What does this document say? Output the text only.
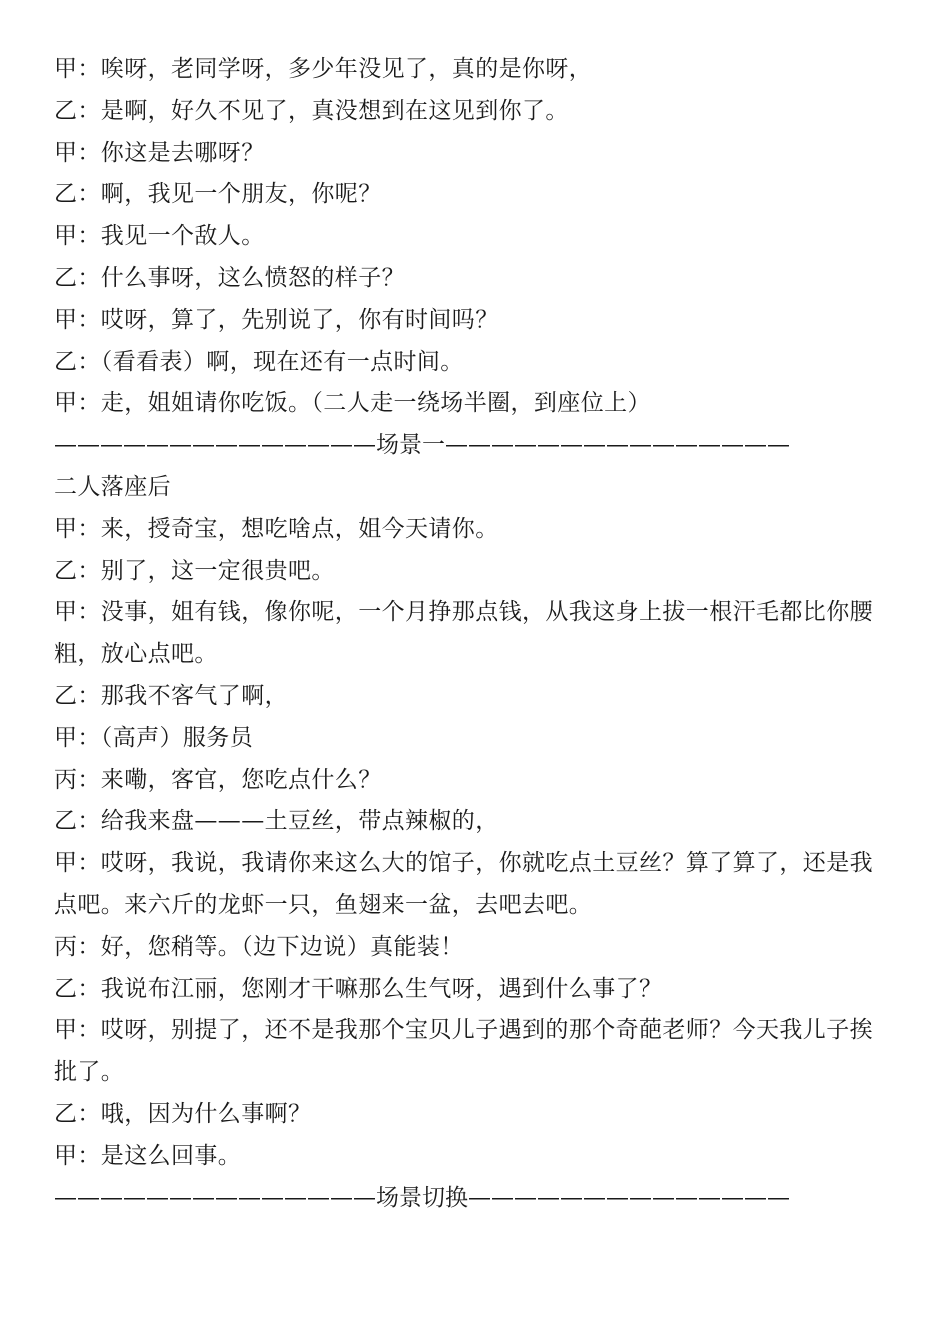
甲：唉呀，老同学呀，多少年没见了，真的是你呀，
乙：是啊，好久不见了，真没想到在这见到你了。
甲：你这是去哪呀？
乙：啊，我见一个朋友，你呢？
甲：我见一个敌人。
乙：什么事呀，这么愤怒的样子？
甲：哎呀，算了，先别说了，你有时间吗？
乙：（看看表）啊，现在还有一点时间。
甲：走，姐姐请你吃饭。（二人走一绕场半圈，到座位上）
——————————————场景一———————————————
二人落座后
甲：来，授奇宝，想吃啥点，姐今天请你。
乙：别了，这一定很贵吧。
甲：没事，姐有钱，像你呢，一个月挣那点钱，从我这身上拔一根汗毛都比你腰粗，放心点吧。
乙：那我不客气了啊，
甲：（高声）服务员
丙：来嘞，客官，您吃点什么？
乙：给我来盘———土豆丝，带点辣椒的，
甲：哎呀，我说，我请你来这么大的馆子，你就吃点土豆丝？算了算了，还是我点吧。来六斤的龙虾一只，鱼翅来一盆，去吧去吧。
丙：好，您稍等。（边下边说）真能装！
乙：我说布江丽，您刚才干嘛那么生气呀，遇到什么事了？
甲：哎呀，别提了，还不是我那个宝贝儿子遇到的那个奇葩老师？今天我儿子挨批了。
乙：哦，因为什么事啊？
甲：是这么回事。
——————————————场景切换——————————————
